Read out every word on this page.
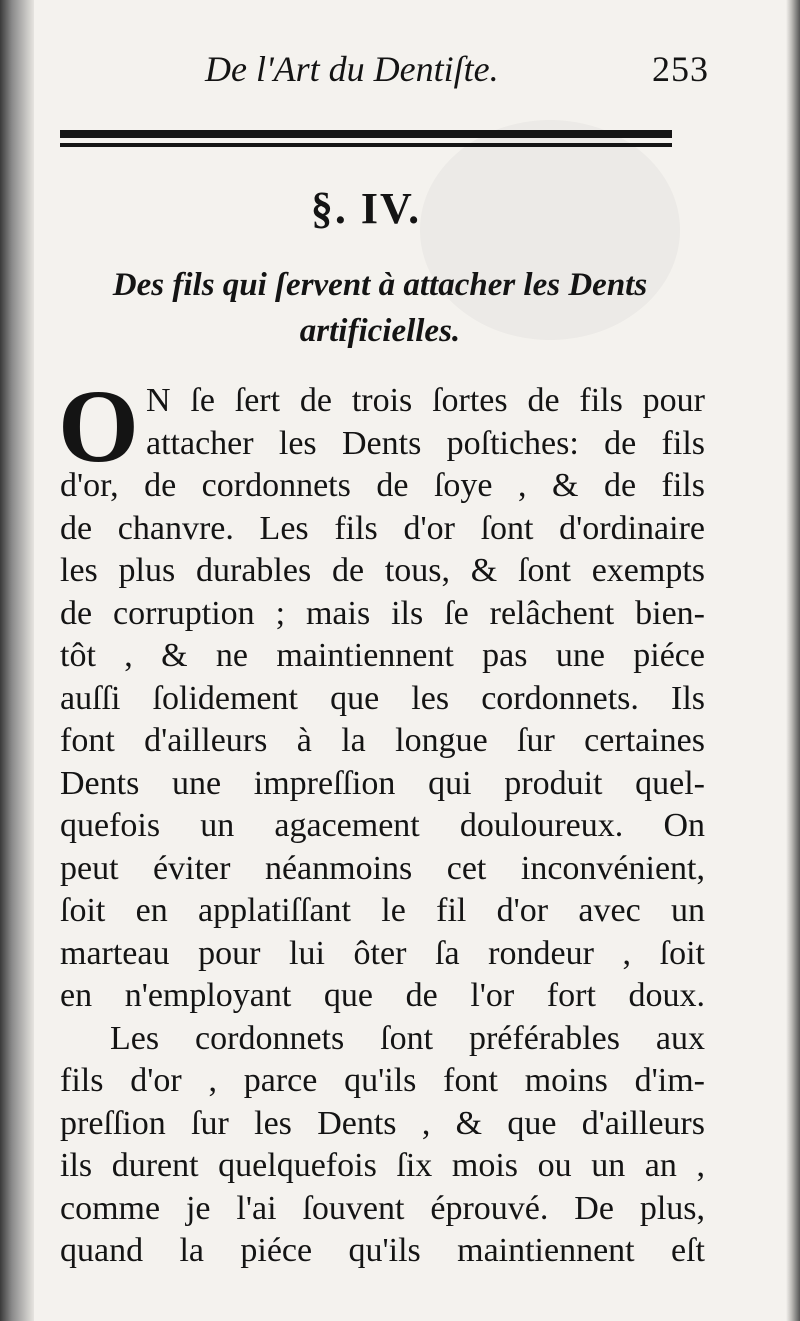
De l'Art du Dentiſte.	253
§. IV.
Des fils qui ſervent à attacher les Dents
artificielles.
O N ſe ſert de trois ſortes de fils pour
attacher les Dents poſtiches: de fils
d'or, de cordonnets de ſoye , & de fils
de chanvre. Les fils d'or ſont d'ordinaire
les plus durables de tous, & ſont exempts
de corruption ; mais ils ſe relâchent bien-
tôt , & ne maintiennent pas une piéce
auſſi ſolidement que les cordonnets. Ils
font d'ailleurs à la longue ſur certaines
Dents une impreſſion qui produit quel-
quefois un agacement douloureux. On
peut éviter néanmoins cet inconvénient,
ſoit en applatiſſant le fil d'or avec un
marteau pour lui ôter ſa rondeur , ſoit
en n'employant que de l'or fort doux.
Les cordonnets ſont préférables aux
fils d'or , parce qu'ils font moins d'im-
preſſion ſur les Dents , & que d'ailleurs
ils durent quelquefois ſix mois ou un an ,
comme je l'ai ſouvent éprouvé. De plus,
quand la piéce qu'ils maintiennent eſt
